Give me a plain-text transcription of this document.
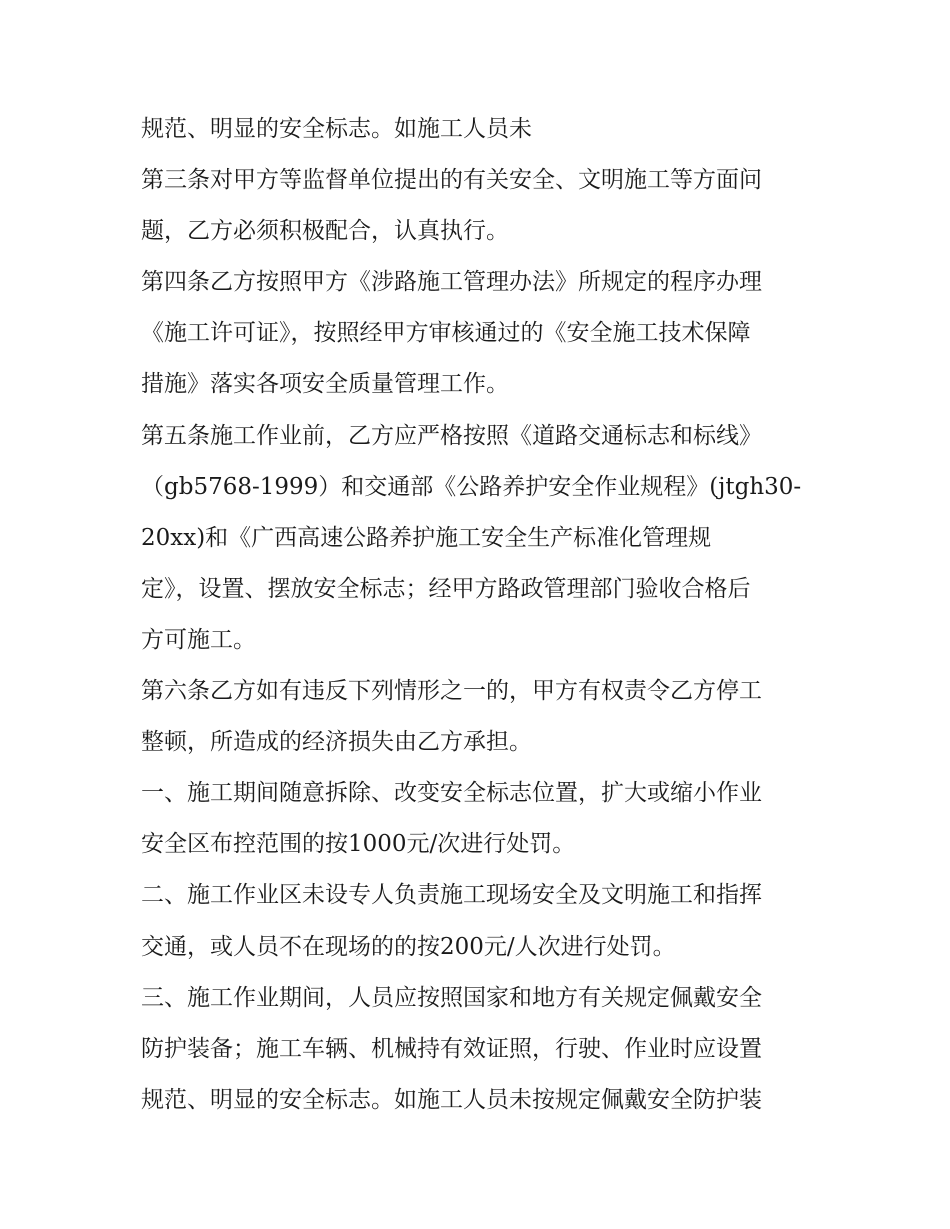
规范、明显的安全标志。如施工人员未
第三条对甲方等监督单位提出的有关安全、文明施工等方面问
题，乙方必须积极配合，认真执行。
第四条乙方按照甲方《涉路施工管理办法》所规定的程序办理
《施工许可证》，按照经甲方审核通过的《安全施工技术保障
措施》落实各项安全质量管理工作。
第五条施工作业前，乙方应严格按照《道路交通标志和标线》
（gb5768-1999）和交通部《公路养护安全作业规程》(jtgh30-
20xx)和《广西高速公路养护施工安全生产标准化管理规
定》，设置、摆放安全标志；经甲方路政管理部门验收合格后
方可施工。
第六条乙方如有违反下列情形之一的，甲方有权责令乙方停工
整顿，所造成的经济损失由乙方承担。
一、施工期间随意拆除、改变安全标志位置，扩大或缩小作业
安全区布控范围的按1000元/次进行处罚。
二、施工作业区未设专人负责施工现场安全及文明施工和指挥
交通，或人员不在现场的的按200元/人次进行处罚。
三、施工作业期间，人员应按照国家和地方有关规定佩戴安全
防护装备；施工车辆、机械持有效证照，行驶、作业时应设置
规范、明显的安全标志。如施工人员未按规定佩戴安全防护装
